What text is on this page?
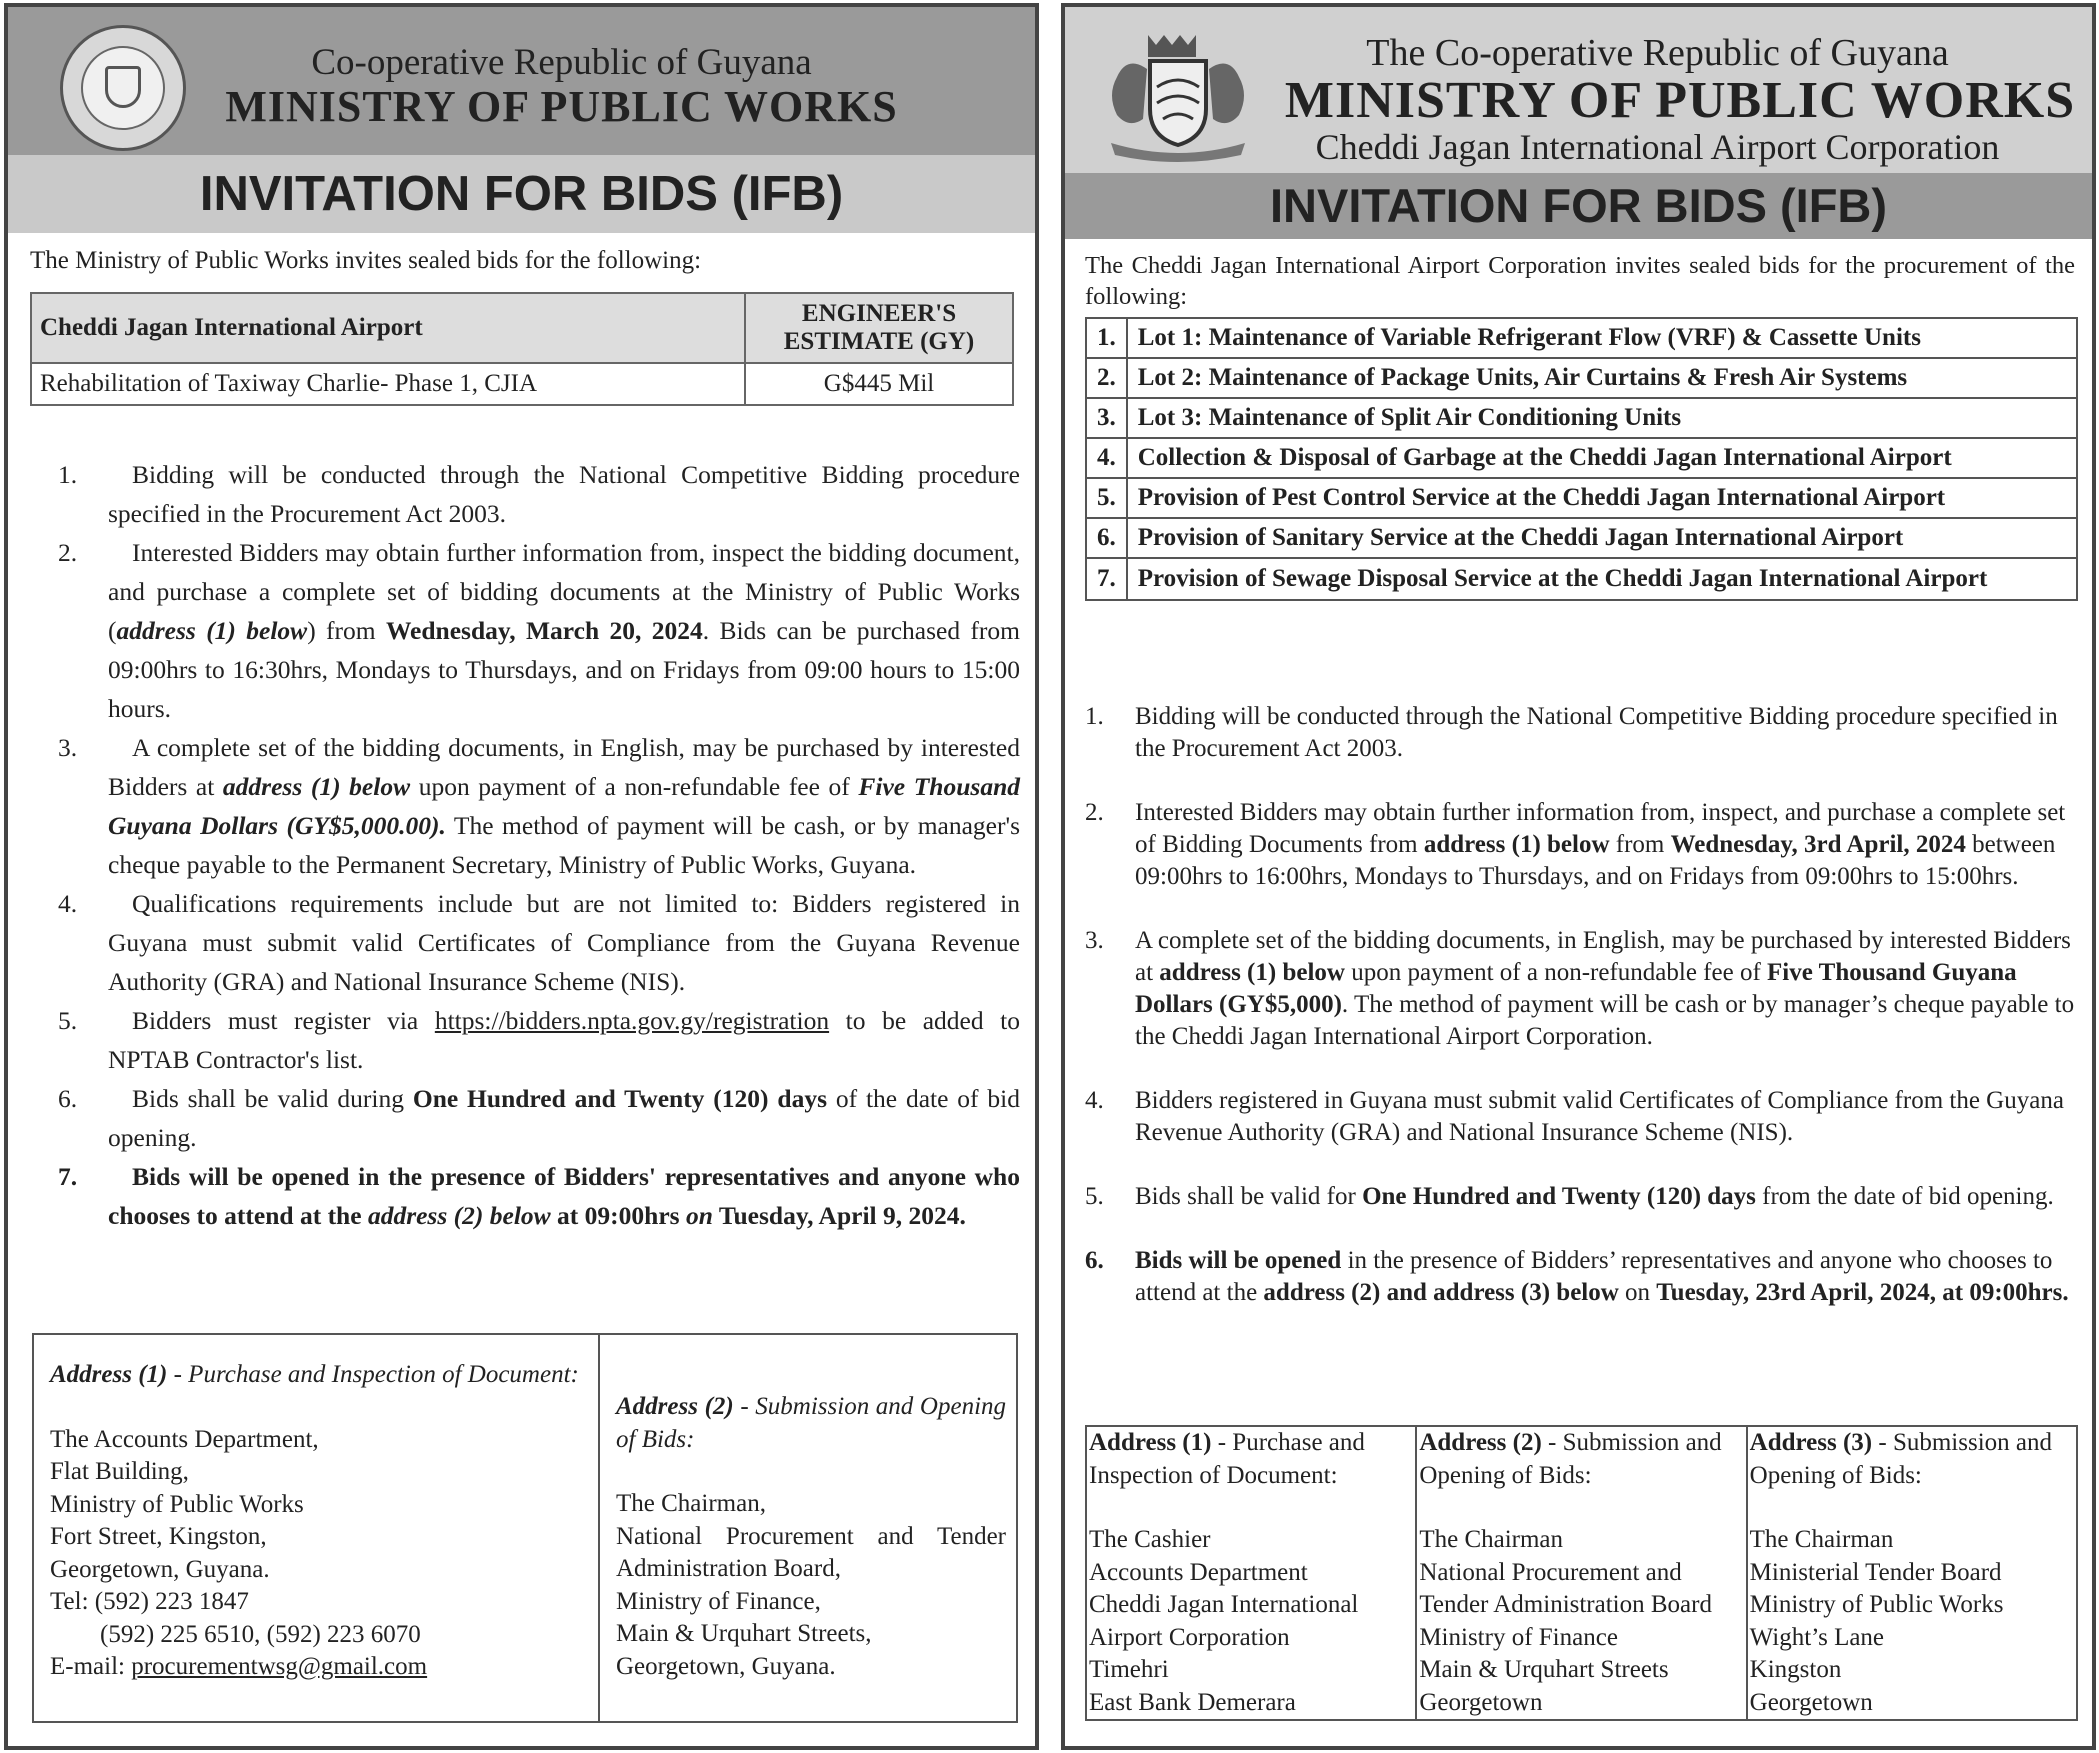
Co-operative Republic of Guyana
MINISTRY OF PUBLIC WORKS
INVITATION FOR BIDS (IFB)
The Ministry of Public Works invites sealed bids for the following:
Cheddi Jagan International Airport	ENGINEER'S ESTIMATE (GY)
Rehabilitation of Taxiway Charlie- Phase 1, CJIA	G$445 Mil

1. Bidding will be conducted through the National Competitive Bidding procedure specified in the Procurement Act 2003.

2. Interested Bidders may obtain further information from, inspect the bidding document, and purchase a complete set of bidding documents at the Ministry of Public Works (address (1) below) from Wednesday, March 20, 2024. Bids can be purchased from 09:00hrs to 16:30hrs, Mondays to Thursdays, and on Fridays from 09:00 hours to 15:00 hours.

3. A complete set of the bidding documents, in English, may be purchased by interested Bidders at address (1) below upon payment of a non-refundable fee of Five Thousand Guyana Dollars (GY$5,000.00). The method of payment will be cash, or by manager's cheque payable to the Permanent Secretary, Ministry of Public Works, Guyana.

4. Qualifications requirements include but are not limited to: Bidders registered in Guyana must submit valid Certificates of Compliance from the Guyana Revenue Authority (GRA) and National Insurance Scheme (NIS).

5. Bidders must register via https://bidders.npta.gov.gy/registration to be added to NPTAB Contractor's list.

6. Bids shall be valid during One Hundred and Twenty (120) days of the date of bid opening.

7. Bids will be opened in the presence of Bidders' representatives and anyone who chooses to attend at the address (2) below at 09:00hrs on Tuesday, April 9, 2024.

Address (1) - Purchase and Inspection of Document:
The Accounts Department,
Flat Building,
Ministry of Public Works
Fort Street, Kingston,
Georgetown, Guyana.
Tel: (592) 223 1847
(592) 225 6510, (592) 223 6070
E-mail: procurementwsg@gmail.com
Address (2) - Submission and Opening of Bids:
The Chairman,
National Procurement and Tender Administration Board,
Ministry of Finance,
Main & Urquhart Streets,
Georgetown, Guyana.
The Co-operative Republic of Guyana
MINISTRY OF PUBLIC WORKS
Cheddi Jagan International Airport Corporation
INVITATION FOR BIDS (IFB)
The Cheddi Jagan International Airport Corporation invites sealed bids for the procurement of the following:
1.	Lot 1: Maintenance of Variable Refrigerant Flow (VRF) & Cassette Units
2.	Lot 2: Maintenance of Package Units, Air Curtains & Fresh Air Systems
3.	Lot 3: Maintenance of Split Air Conditioning Units
4.	Collection & Disposal of Garbage at the Cheddi Jagan International Airport
5.	Provision of Pest Control Service at the Cheddi Jagan International Airport
6.	Provision of Sanitary Service at the Cheddi Jagan International Airport
7.	Provision of Sewage Disposal Service at the Cheddi Jagan International Airport

1. Bidding will be conducted through the National Competitive Bidding procedure specified in the Procurement Act 2003.

2. Interested Bidders may obtain further information from, inspect, and purchase a complete set of Bidding Documents from address (1) below from Wednesday, 3rd April, 2024 between 09:00hrs to 16:00hrs, Mondays to Thursdays, and on Fridays from 09:00hrs to 15:00hrs.

3. A complete set of the bidding documents, in English, may be purchased by interested Bidders at address (1) below upon payment of a non-refundable fee of Five Thousand Guyana Dollars (GY$5,000). The method of payment will be cash or by manager’s cheque payable to the Cheddi Jagan International Airport Corporation.

4. Bidders registered in Guyana must submit valid Certificates of Compliance from the Guyana Revenue Authority (GRA) and National Insurance Scheme (NIS).

5. Bids shall be valid for One Hundred and Twenty (120) days from the date of bid opening.

6. Bids will be opened in the presence of Bidders’ representatives and anyone who chooses to attend at the address (2) and address (3) below on Tuesday, 23rd April, 2024, at 09:00hrs.

Address (1) - Purchase and Inspection of Document:
The Cashier
Accounts Department
Cheddi Jagan International
Airport Corporation
Timehri
East Bank Demerara

Address (2) - Submission and Opening of Bids:
The Chairman
National Procurement and
Tender Administration Board
Ministry of Finance
Main & Urquhart Streets
Georgetown

Address (3) - Submission and Opening of Bids:
The Chairman
Ministerial Tender Board
Ministry of Public Works
Wight’s Lane
Kingston
Georgetown
